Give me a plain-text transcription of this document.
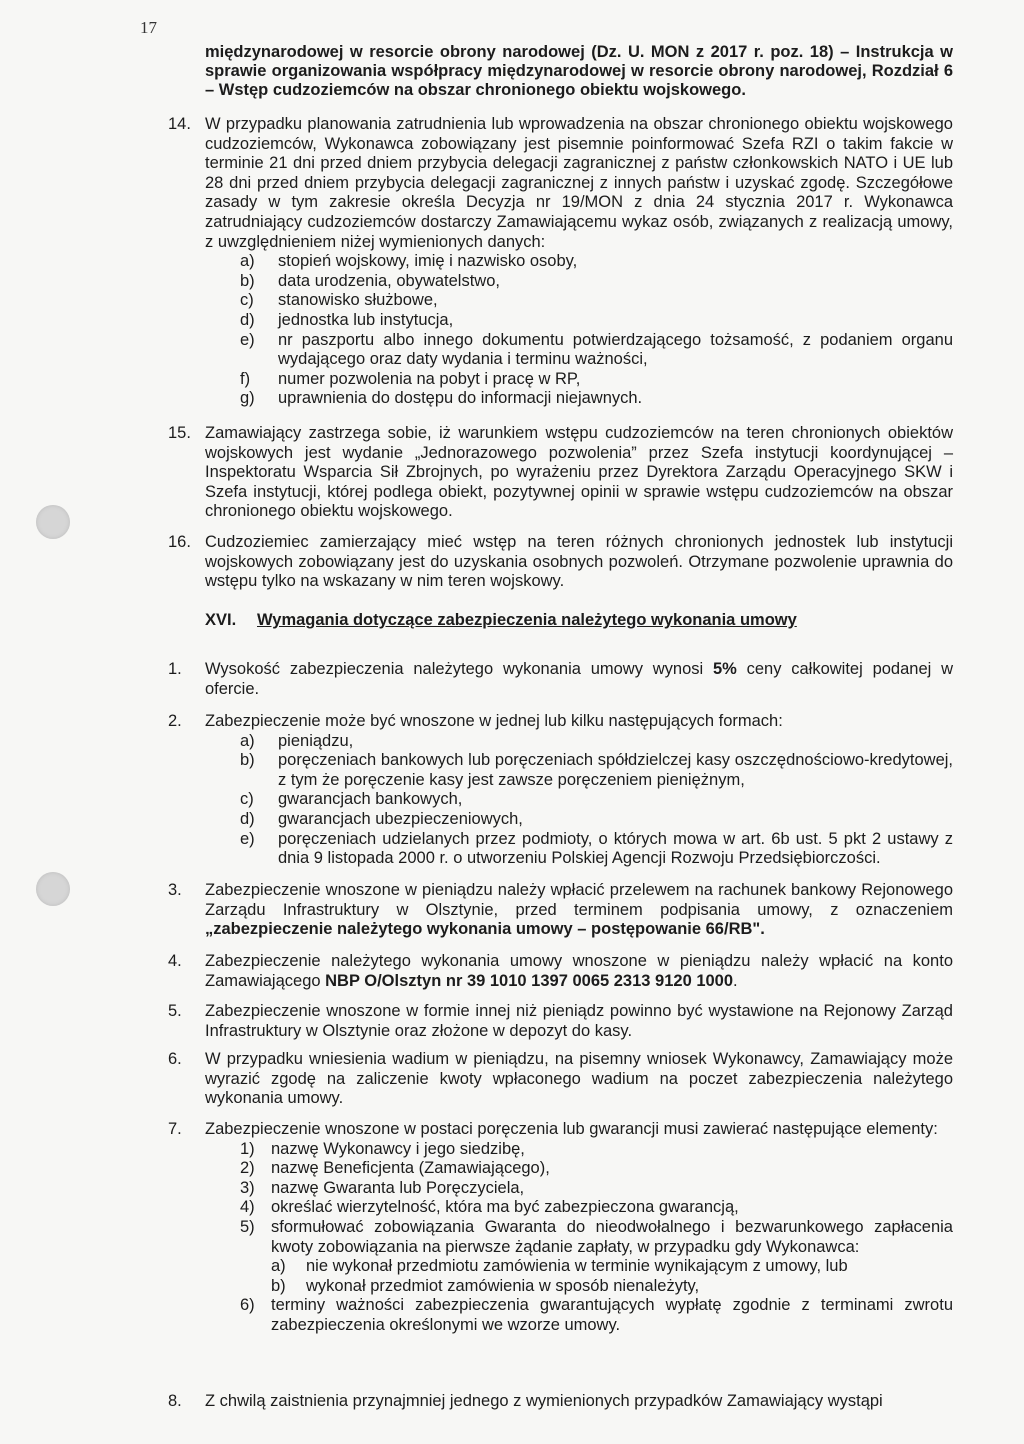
17
międzynarodowej w resorcie obrony narodowej (Dz. U. MON z 2017 r. poz. 18) – Instrukcja w sprawie organizowania współpracy międzynarodowej w resorcie obrony narodowej, Rozdział 6 – Wstęp cudzoziemców na obszar chronionego obiektu wojskowego.
14. W przypadku planowania zatrudnienia lub wprowadzenia na obszar chronionego obiektu wojskowego cudzoziemców, Wykonawca zobowiązany jest pisemnie poinformować Szefa RZI o takim fakcie w terminie 21 dni przed dniem przybycia delegacji zagranicznej z państw członkowskich NATO i UE lub 28 dni przed dniem przybycia delegacji zagranicznej z innych państw i uzyskać zgodę. Szczegółowe zasady w tym zakresie określa Decyzja nr 19/MON z dnia 24 stycznia 2017 r. Wykonawca zatrudniający cudzoziemców dostarczy Zamawiającemu wykaz osób, związanych z realizacją umowy, z uwzględnieniem niżej wymienionych danych:
a) stopień wojskowy, imię i nazwisko osoby,
b) data urodzenia, obywatelstwo,
c) stanowisko służbowe,
d) jednostka lub instytucja,
e) nr paszportu albo innego dokumentu potwierdzającego tożsamość, z podaniem organu wydającego oraz daty wydania i terminu ważności,
f) numer pozwolenia na pobyt i pracę w RP,
g) uprawnienia do dostępu do informacji niejawnych.
15. Zamawiający zastrzega sobie, iż warunkiem wstępu cudzoziemców na teren chronionych obiektów wojskowych jest wydanie „Jednorazowego pozwolenia” przez Szefa instytucji koordynującej – Inspektoratu Wsparcia Sił Zbrojnych, po wyrażeniu przez Dyrektora Zarządu Operacyjnego SKW i Szefa instytucji, której podlega obiekt, pozytywnej opinii w sprawie wstępu cudzoziemców na obszar chronionego obiektu wojskowego.
16. Cudzoziemiec zamierzający mieć wstęp na teren różnych chronionych jednostek lub instytucji wojskowych zobowiązany jest do uzyskania osobnych pozwoleń. Otrzymane pozwolenie uprawnia do wstępu tylko na wskazany w nim teren wojskowy.
XVI. Wymagania dotyczące zabezpieczenia należytego wykonania umowy
1. Wysokość zabezpieczenia należytego wykonania umowy wynosi 5% ceny całkowitej podanej w ofercie.
2. Zabezpieczenie może być wnoszone w jednej lub kilku następujących formach:
a) pieniądzu,
b) poręczeniach bankowych lub poręczeniach spółdzielczej kasy oszczędnościowo-kredytowej, z tym że poręczenie kasy jest zawsze poręczeniem pieniężnym,
c) gwarancjach bankowych,
d) gwarancjach ubezpieczeniowych,
e) poręczeniach udzielanych przez podmioty, o których mowa w art. 6b ust. 5 pkt 2 ustawy z dnia 9 listopada 2000 r. o utworzeniu Polskiej Agencji Rozwoju Przedsiębiorczości.
3. Zabezpieczenie wnoszone w pieniądzu należy wpłacić przelewem na rachunek bankowy Rejonowego Zarządu Infrastruktury w Olsztynie, przed terminem podpisania umowy, z oznaczeniem „zabezpieczenie należytego wykonania umowy – postępowanie 66/RB".
4. Zabezpieczenie należytego wykonania umowy wnoszone w pieniądzu należy wpłacić na konto Zamawiającego NBP O/Olsztyn nr 39 1010 1397 0065 2313 9120 1000.
5. Zabezpieczenie wnoszone w formie innej niż pieniądz powinno być wystawione na Rejonowy Zarząd Infrastruktury w Olsztynie oraz złożone w depozyt do kasy.
6. W przypadku wniesienia wadium w pieniądzu, na pisemny wniosek Wykonawcy, Zamawiający może wyrazić zgodę na zaliczenie kwoty wpłaconego wadium na poczet zabezpieczenia należytego wykonania umowy.
7. Zabezpieczenie wnoszone w postaci poręczenia lub gwarancji musi zawierać następujące elementy:
1) nazwę Wykonawcy i jego siedzibę,
2) nazwę Beneficjenta (Zamawiającego),
3) nazwę Gwaranta lub Poręczyciela,
4) określać wierzytelność, która ma być zabezpieczona gwarancją,
5) sformułować zobowiązania Gwaranta do nieodwołalnego i bezwarunkowego zapłacenia kwoty zobowiązania na pierwsze żądanie zapłaty, w przypadku gdy Wykonawca:
a) nie wykonał przedmiotu zamówienia w terminie wynikającym z umowy, lub
b) wykonał przedmiot zamówienia w sposób nienależyty,
6) terminy ważności zabezpieczenia gwarantujących wypłatę zgodnie z terminami zwrotu zabezpieczenia określonymi we wzorze umowy.
8. Z chwilą zaistnienia przynajmniej jednego z wymienionych przypadków Zamawiający wystąpi
